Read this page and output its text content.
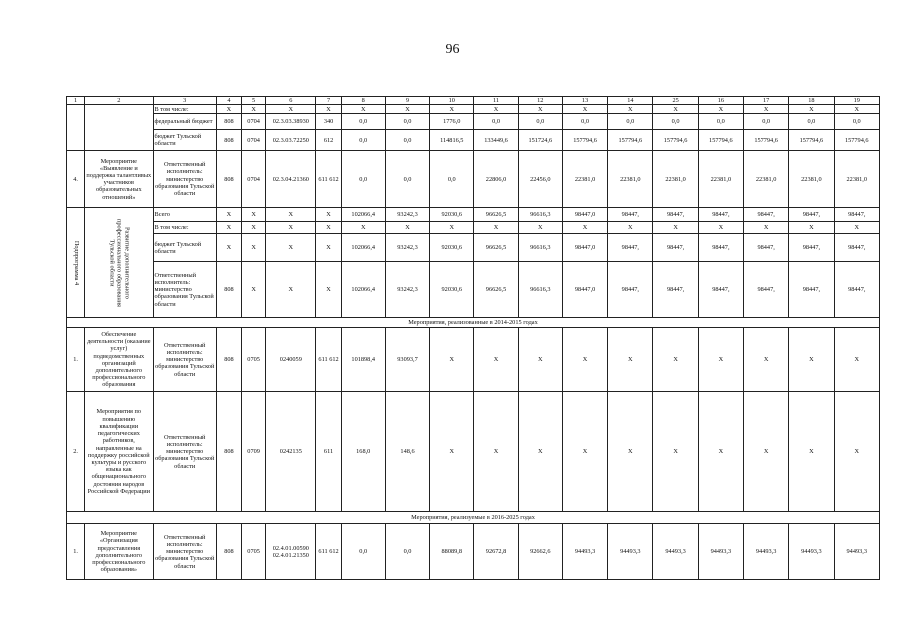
96
1	2	3	4	5	6	7	8	9	10	11	12	13	14	25	16	17	18	19
		В том числе:	X	X	X	X	X	X	X	X	X	X	X	X	X	X	X	X
		федеральный бюджет	808	0704	02.3.03.38930	340	0,0	0,0	1776,0	0,0	0,0	0,0	0,0	0,0	0,0	0,0	0,0	0,0
		бюджет Тульской области	808	0704	02.3.03.72250	612	0,0	0,0	114816,5	133449,6	151724,6	157794,6	157794,6	157794,6	157794,6	157794,6	157794,6	157794,6
4.	Мероприятие «Выявление и поддержка талантливых участников образовательных отношений»	Ответственный исполнитель: министерство образования Тульской области	808	0704	02.3.04.21360	611 612	0,0	0,0	0,0	22806,0	22456,0	22381,0	22381,0	22381,0	22381,0	22381,0	22381,0	22381,0

Подпрограмма 4	Развитие дополнительного профессионального образования Тульской области	Всего	X	X	X	X	102066,4	93242,3	92030,6	96626,5	96616,3	98447,0	98447,	98447,	98447,	98447,	98447,	98447,
		В том числе:	X	X	X	X	X	X	X	X	X	X	X	X	X	X	X	X
		бюджет Тульской области	X	X	X	X	102066,4	93242,3	92030,6	96626,5	96616,3	98447,0	98447,	98447,	98447,	98447,	98447,	98447,
		Ответственный исполнитель: министерство образования Тульской области	808	X	X	X	102066,4	93242,3	92030,6	96626,5	96616,3	98447,0	98447,	98447,	98447,	98447,	98447,	98447,
Мероприятия, реализованные в 2014-2015 годах																		
1.	Обеспечение деятельности (оказание услуг) подведомственных организаций дополнительного профессионального образования	Ответственный исполнитель: министерство образования Тульской области	808	0705	0240059	611 612	101898,4	93093,7	X	X	X	X	X	X	X	X	X	X
2.	Мероприятия по повышению квалификации педагогических работников, направленные на поддержку российской культуры и русского языка как общенационального достояния народов Российской Федерации	Ответственный исполнитель: министерство образования Тульской области	808	0709	0242135	611	168,0	148,6	X	X	X	X	X	X	X	X	X	X
Мероприятия, реализуемые в 2016-2025 годах																		
1.	Мероприятие «Организация предоставления дополнительного профессионального образования»	Ответственный исполнитель: министерство образования Тульской области	808	0705	02.4.01.00590 02.4.01.21350	611 612	0,0	0,0	88089,8	92672,8	92662,6	94493,3	94493,3	94493,3	94493,3	94493,3	94493,3	94493,3
